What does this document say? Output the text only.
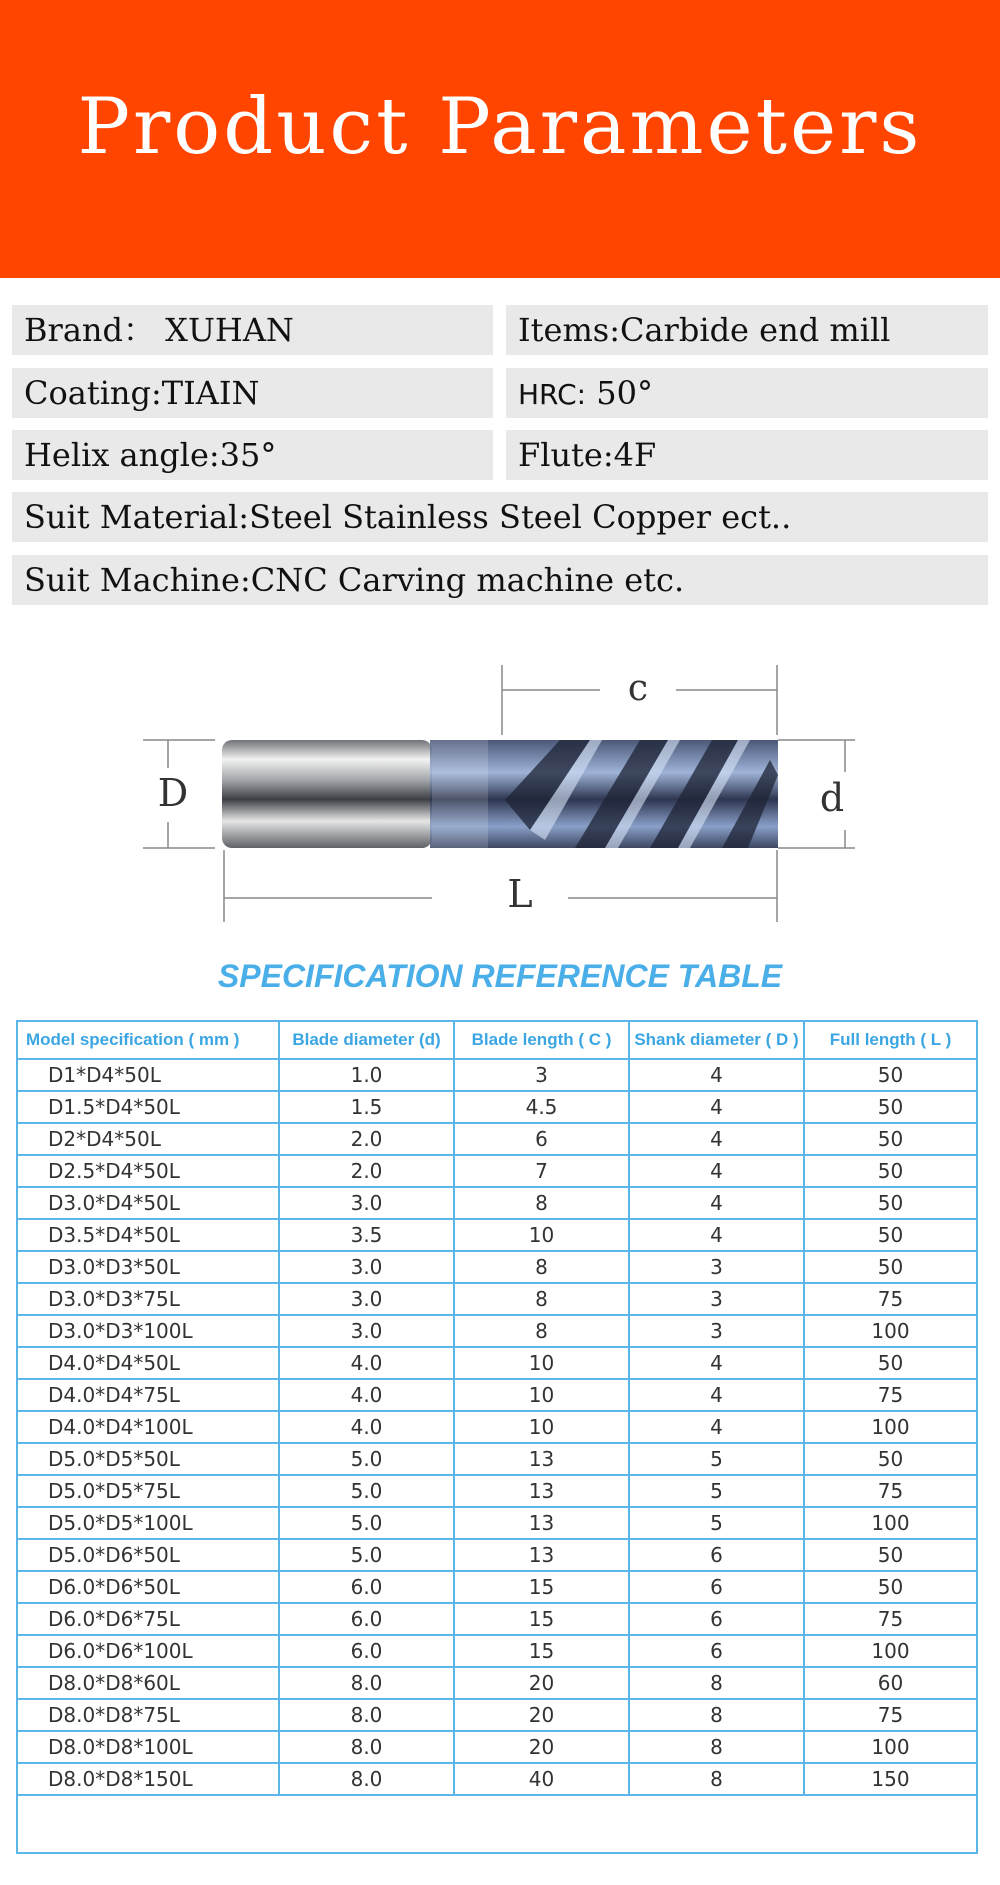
Product Parameters
Brand： XUHAN	Items:Carbide end mill
Coating:TIAIN	HRC: 50°
Helix angle:35°	Flute:4F
Suit Material:Steel Stainless Steel Copper ect..
Suit Machine:CNC Carving machine etc.
c
D	d
L
SPECIFICATION REFERENCE TABLE
Model specification ( mm )	Blade diameter (d)	Blade length ( C )	Shank diameter ( D )	Full length ( L )
D1*D4*50L	1.0	3	4	50
D1.5*D4*50L	1.5	4.5	4	50
D2*D4*50L	2.0	6	4	50
D2.5*D4*50L	2.0	7	4	50
D3.0*D4*50L	3.0	8	4	50
D3.5*D4*50L	3.5	10	4	50
D3.0*D3*50L	3.0	8	3	50
D3.0*D3*75L	3.0	8	3	75
D3.0*D3*100L	3.0	8	3	100
D4.0*D4*50L	4.0	10	4	50
D4.0*D4*75L	4.0	10	4	75
D4.0*D4*100L	4.0	10	4	100
D5.0*D5*50L	5.0	13	5	50
D5.0*D5*75L	5.0	13	5	75
D5.0*D5*100L	5.0	13	5	100
D5.0*D6*50L	5.0	13	6	50
D6.0*D6*50L	6.0	15	6	50
D6.0*D6*75L	6.0	15	6	75
D6.0*D6*100L	6.0	15	6	100
D8.0*D8*60L	8.0	20	8	60
D8.0*D8*75L	8.0	20	8	75
D8.0*D8*100L	8.0	20	8	100
D8.0*D8*150L	8.0	40	8	150
